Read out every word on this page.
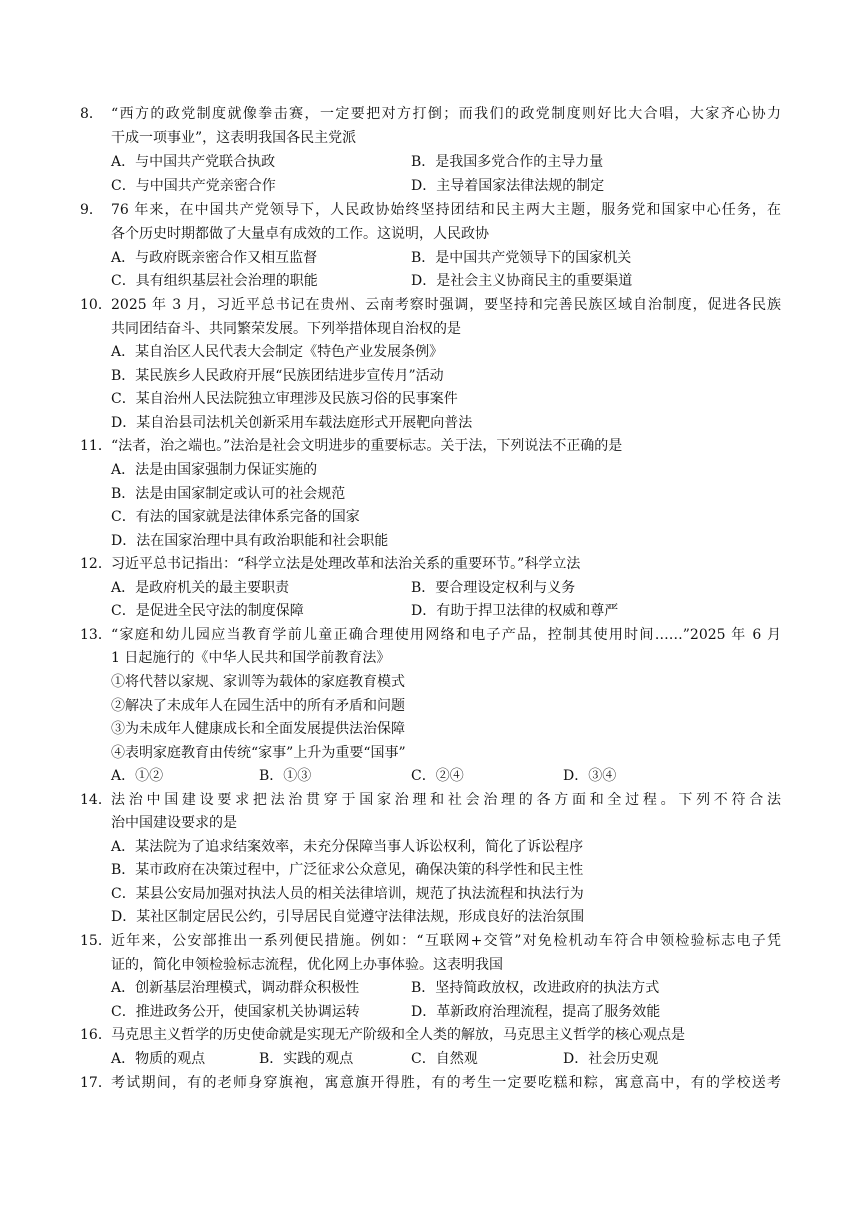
8． “西方的政党制度就像拳击赛，一定要把对方打倒；而我们的政党制度则好比大合唱，大家齐心协力
干成一项事业”，这表明我国各民主党派
A．与中国共产党联合执政	B．是我国多党合作的主导力量
C．与中国共产党亲密合作	D．主导着国家法律法规的制定
9． 76 年来，在中国共产党领导下，人民政协始终坚持团结和民主两大主题，服务党和国家中心任务，在
各个历史时期都做了大量卓有成效的工作。这说明，人民政协
A．与政府既亲密合作又相互监督	B．是中国共产党领导下的国家机关
C．具有组织基层社会治理的职能	D．是社会主义协商民主的重要渠道
10． 2025 年 3 月，习近平总书记在贵州、云南考察时强调，要坚持和完善民族区域自治制度，促进各民族
共同团结奋斗、共同繁荣发展。下列举措体现自治权的是
A．某自治区人民代表大会制定《特色产业发展条例》
B．某民族乡人民政府开展“民族团结进步宣传月”活动
C．某自治州人民法院独立审理涉及民族习俗的民事案件
D．某自治县司法机关创新采用车载法庭形式开展靶向普法
11． “法者，治之端也。”法治是社会文明进步的重要标志。关于法，下列说法不正确的是
A．法是由国家强制力保证实施的
B．法是由国家制定或认可的社会规范
C．有法的国家就是法律体系完备的国家
D．法在国家治理中具有政治职能和社会职能
12． 习近平总书记指出：“科学立法是处理改革和法治关系的重要环节。”科学立法
A．是政府机关的最主要职责	B．要合理设定权利与义务
C．是促进全民守法的制度保障	D．有助于捍卫法律的权威和尊严
13． “家庭和幼儿园应当教育学前儿童正确合理使用网络和电子产品，控制其使用时间……”2025 年 6 月
1 日起施行的《中华人民共和国学前教育法》
①将代替以家规、家训等为载体的家庭教育模式
②解决了未成年人在园生活中的所有矛盾和问题
③为未成年人健康成长和全面发展提供法治保障
④表明家庭教育由传统“家事”上升为重要“国事”
A．①②	B．①③	C．②④	D．③④
14． 法治中国建设要求把法治贯穿于国家治理和社会治理的各方面和全过程。下列不符合法
治中国建设要求的是
A．某法院为了追求结案效率，未充分保障当事人诉讼权利，简化了诉讼程序
B．某市政府在决策过程中，广泛征求公众意见，确保决策的科学性和民主性
C．某县公安局加强对执法人员的相关法律培训，规范了执法流程和执法行为
D．某社区制定居民公约，引导居民自觉遵守法律法规，形成良好的法治氛围
15． 近年来，公安部推出一系列便民措施。例如：“互联网+交管”对免检机动车符合申领检验标志电子凭
证的，简化申领检验标志流程，优化网上办事体验。这表明我国
A．创新基层治理模式，调动群众积极性	B．坚持简政放权，改进政府的执法方式
C．推进政务公开，使国家机关协调运转	D．革新政府治理流程，提高了服务效能
16． 马克思主义哲学的历史使命就是实现无产阶级和全人类的解放，马克思主义哲学的核心观点是
A．物质的观点	B．实践的观点	C．自然观	D．社会历史观
17． 考试期间，有的老师身穿旗袍，寓意旗开得胜，有的考生一定要吃糕和粽，寓意高中，有的学校送考
